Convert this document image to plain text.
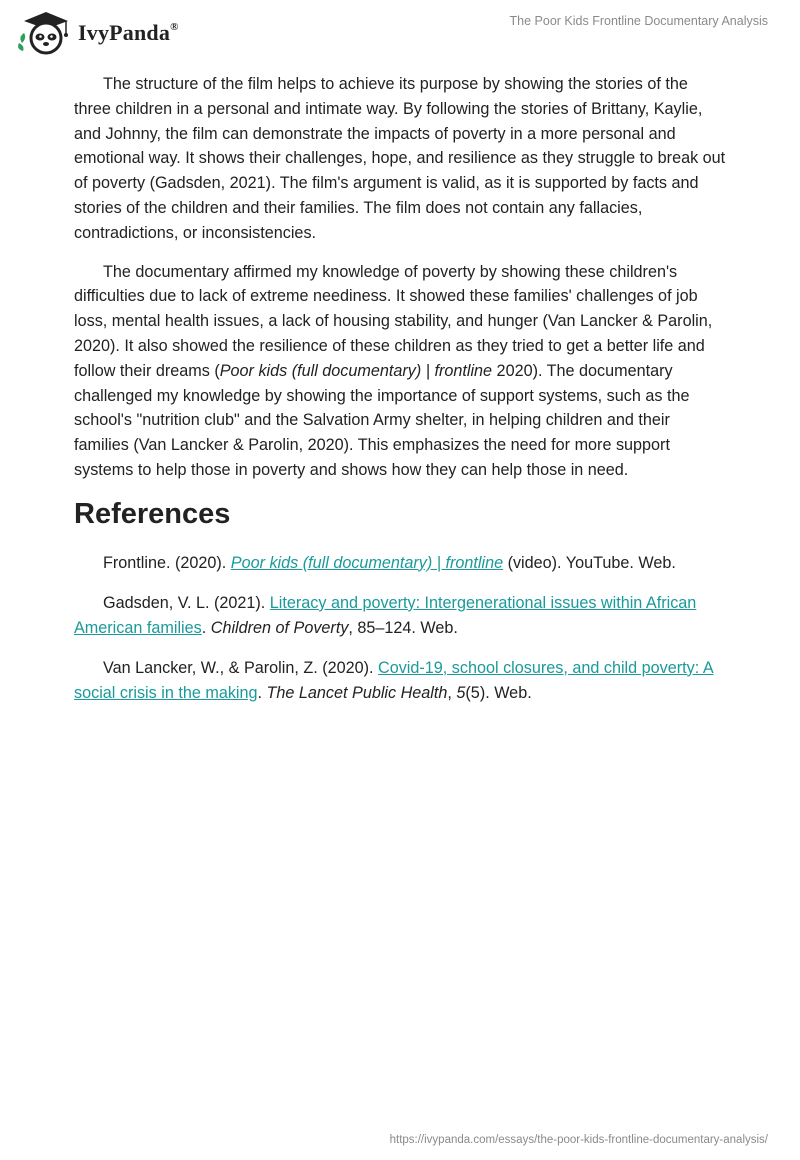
IvyPanda®	The Poor Kids Frontline Documentary Analysis

The structure of the film helps to achieve its purpose by showing the stories of the three children in a personal and intimate way. By following the stories of Brittany, Kaylie, and Johnny, the film can demonstrate the impacts of poverty in a more personal and emotional way. It shows their challenges, hope, and resilience as they struggle to break out of poverty (Gadsden, 2021). The film's argument is valid, as it is supported by facts and stories of the children and their families. The film does not contain any fallacies, contradictions, or inconsistencies.

The documentary affirmed my knowledge of poverty by showing these children's difficulties due to lack of extreme neediness. It showed these families' challenges of job loss, mental health issues, a lack of housing stability, and hunger (Van Lancker & Parolin, 2020). It also showed the resilience of these children as they tried to get a better life and follow their dreams (Poor kids (full documentary) | frontline 2020). The documentary challenged my knowledge by showing the importance of support systems, such as the school's "nutrition club" and the Salvation Army shelter, in helping children and their families (Van Lancker & Parolin, 2020). This emphasizes the need for more support systems to help those in poverty and shows how they can help those in need.

References

Frontline. (2020). Poor kids (full documentary) | frontline (video). YouTube. Web.

Gadsden, V. L. (2021). Literacy and poverty: Intergenerational issues within African American families. Children of Poverty, 85–124. Web.

Van Lancker, W., & Parolin, Z. (2020). Covid-19, school closures, and child poverty: A social crisis in the making. The Lancet Public Health, 5(5). Web.

https://ivypanda.com/essays/the-poor-kids-frontline-documentary-analysis/
